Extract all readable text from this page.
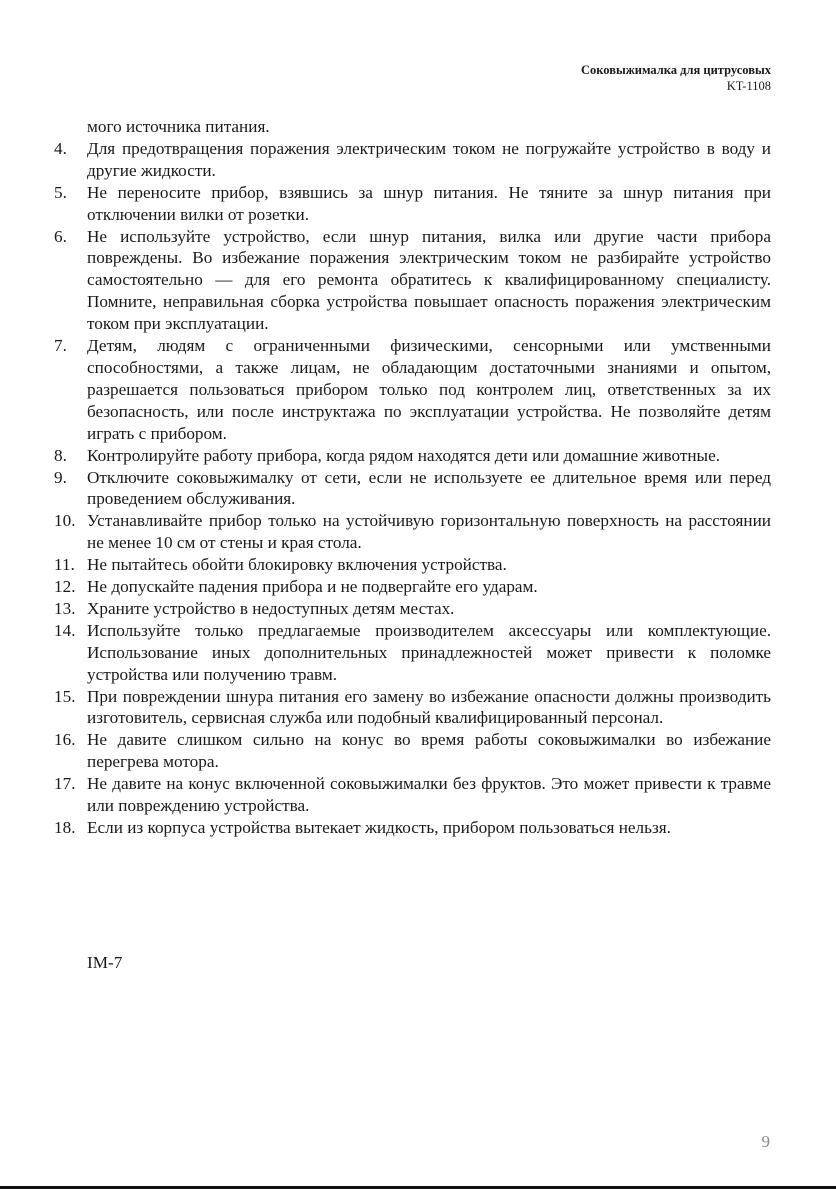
Соковыжималка для цитрусовых
KT-1108

мого источника питания.

4.	Для предотвращения поражения электрическим током не погружайте устройство в воду и другие жидкости.
5.	Не переносите прибор, взявшись за шнур питания. Не тяните за шнур питания при отключении вилки от розетки.
6.	Не используйте устройство, если шнур питания, вилка или другие части прибора повреждены. Во избежание поражения электрическим током не разбирайте устройство самостоятельно — для его ремонта обратитесь к квалифицированному специалисту. Помните, неправильная сборка устройства повышает опасность поражения электрическим током при эксплуатации.
7.	Детям, людям с ограниченными физическими, сенсорными или умственными способностями, а также лицам, не обладающим достаточными знаниями и опытом, разрешается пользоваться прибором только под контролем лиц, ответственных за их безопасность, или после инструктажа по эксплуатации устройства. Не позволяйте детям играть с прибором.
8.	Контролируйте работу прибора, когда рядом находятся дети или домашние животные.
9.	Отключите соковыжималку от сети, если не используете ее длительное время или перед проведением обслуживания.
10. Устанавливайте прибор только на устойчивую горизонтальную поверхность на расстоянии не менее 10 см от стены и края стола.
11. Не пытайтесь обойти блокировку включения устройства.
12. Не допускайте падения прибора и не подвергайте его ударам.
13. Храните устройство в недоступных детям местах.
14. Используйте только предлагаемые производителем аксессуары или комплектующие. Использование иных дополнительных принадлежностей может привести к поломке устройства или получению травм.
15. При повреждении шнура питания его замену во избежание опасности должны производить изготовитель, сервисная служба или подобный квалифицированный персонал.
16. Не давите слишком сильно на конус во время работы соковыжималки во избежание перегрева мотора.
17. Не давите на конус включенной соковыжималки без фруктов. Это может привести к травме или повреждению устройства.
18. Если из корпуса устройства вытекает жидкость, прибором пользоваться нельзя.
IM-7
9
